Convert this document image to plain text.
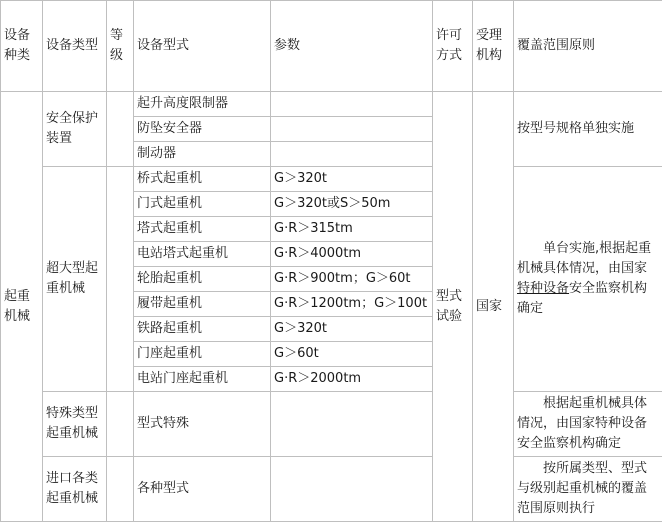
设备种类	设备类型	等级	设备型式	参数	许可方式	受理机构	覆盖范围原则
起重机械	安全保护装置		起升高度限制器		型式试验	国家	按型号规格单独实施
			防坠安全器				
			制动器				
	超大型起重机械		桥式起重机	G＞320t			单台实施,根据起重机械具体情况，由国家特种设备安全监察机构确定
			门式起重机	G＞320t或S＞50m			
			塔式起重机	G·R＞315tm			
			电站塔式起重机	G·R＞4000tm			
			轮胎起重机	G·R＞900tm；G＞60t			
			履带起重机	G·R＞1200tm；G＞100t			
			铁路起重机	G＞320t			
			门座起重机	G＞60t			
			电站门座起重机	G·R＞2000tm			
	特殊类型起重机械		型式特殊				根据起重机械具体情况，由国家特种设备安全监察机构确定
	进口各类起重机械		各种型式				按所属类型、型式与级别起重机械的覆盖范围原则执行
